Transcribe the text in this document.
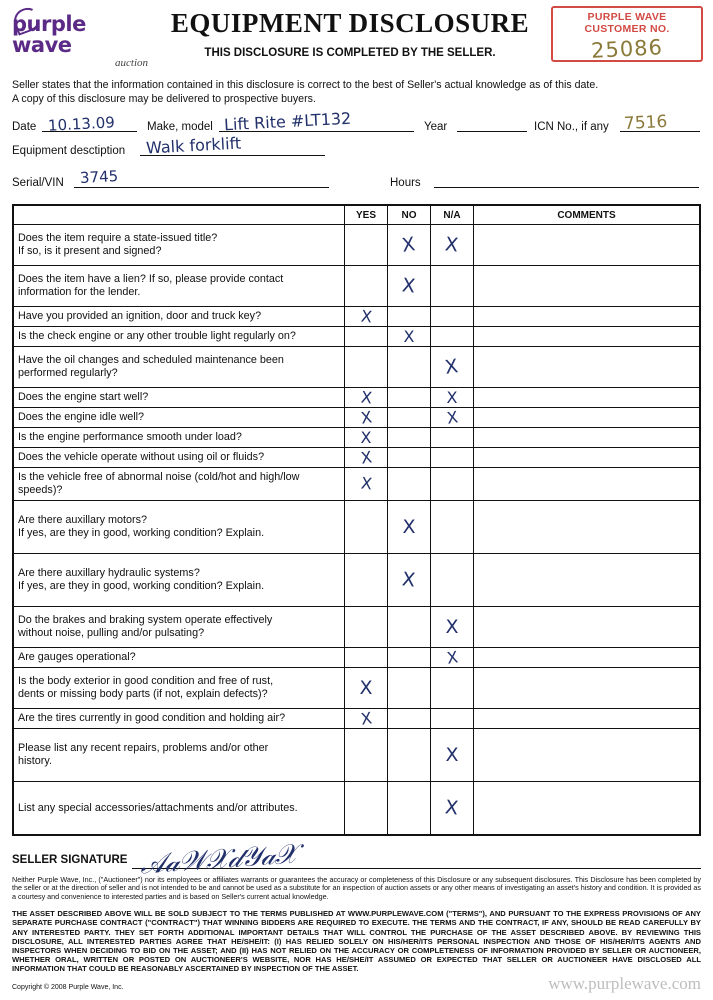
purple wave
auction
EQUIPMENT DISCLOSURE
THIS DISCLOSURE IS COMPLETED BY THE SELLER.
PURPLE WAVE
CUSTOMER NO.
25086
Seller states that the information contained in this disclosure is correct to the best of Seller's actual knowledge as of this date.
A copy of this disclosure may be delivered to prospective buyers.
Date 10.13.09	Make, model Lift Rite #LT132	Year	ICN No., if any 7516
Equipment desctiption Walk forklift
Serial/VIN 3745	Hours
	YES	NO	N/A	COMMENTS

Does the item require a state-issued title?
If so, is it present and signed?		X	X	

Does the item have a lien? If so, please provide contact
information for the lender.		X		

Have you provided an ignition, door and truck key?	X			

Is the check engine or any other trouble light regularly on?		X		

Have the oil changes and scheduled maintenance been
performed regularly?			X	

Does the engine start well?	X		X	

Does the engine idle well?	X		X	

Is the engine performance smooth under load?	X			

Does the vehicle operate without using oil or fluids?	X			

Is the vehicle free of abnormal noise (cold/hot and high/low speeds)?	X			

Are there auxillary motors?
If yes, are they in good, working condition? Explain.		X		

Are there auxillary hydraulic systems?
If yes, are they in good, working condition? Explain.		X		

Do the brakes and braking system operate effectively
without noise, pulling and/or pulsating?			X	

Are gauges operational?			X	

Is the body exterior in good condition and free of rust,
dents or missing body parts (if not, explain defects)?	X			

Are the tires currently in good condition and holding air?	X			

Please list any recent repairs, problems and/or other
history.			X	

List any special accessories/attachments and/or attributes.			X	
SELLER SIGNATURE 𝒜𝒶𝒲𝒳𝒹𝒴𝒶𝒳
Neither Purple Wave, Inc., ("Auctioneer") nor its employees or affiliates warrants or guarantees the accuracy or completeness of this Disclosure or any subsequent disclosures. This Disclosure has been completed by the seller or at the direction of seller and is not intended to be and cannot be used as a substitute for an inspection of auction assets or any other means of investigating an asset's history and condition. It is provided as a courtesy and convenience to interested parties and is based on Seller's current actual knowledge.
THE ASSET DESCRIBED ABOVE WILL BE SOLD SUBJECT TO THE TERMS PUBLISHED AT WWW.PURPLEWAVE.COM ("TERMS"), AND PURSUANT TO THE EXPRESS PROVISIONS OF ANY SEPARATE PURCHASE CONTRACT ("CONTRACT") THAT WINNING BIDDERS ARE REQUIRED TO EXECUTE. THE TERMS AND THE CONTRACT, IF ANY, SHOULD BE READ CAREFULLY BY ANY INTERESTED PARTY. THEY SET FORTH ADDITIONAL IMPORTANT DETAILS THAT WILL CONTROL THE PURCHASE OF THE ASSET DESCRIBED ABOVE. BY REVIEWING THIS DISCLOSURE, ALL INTERESTED PARTIES AGREE THAT HE/SHE/IT: (I) HAS RELIED SOLELY ON HIS/HER/ITS PERSONAL INSPECTION AND THOSE OF HIS/HER/ITS AGENTS AND INSPECTORS WHEN DECIDING TO BID ON THE ASSET; AND (II) HAS NOT RELIED ON THE ACCURACY OR COMPLETENESS OF INFORMATION PROVIDED BY SELLER OR AUCTIONEER, WHETHER ORAL, WRITTEN OR POSTED ON AUCTIONEER'S WEBSITE, NOR HAS HE/SHE/IT ASSUMED OR EXPECTED THAT SELLER OR AUCTIONEER HAVE DISCLOSED ALL INFORMATION THAT COULD BE REASONABLY ASCERTAINED BY INSPECTION OF THE ASSET.
Copyright © 2008 Purple Wave, Inc.	www.purplewave.com
